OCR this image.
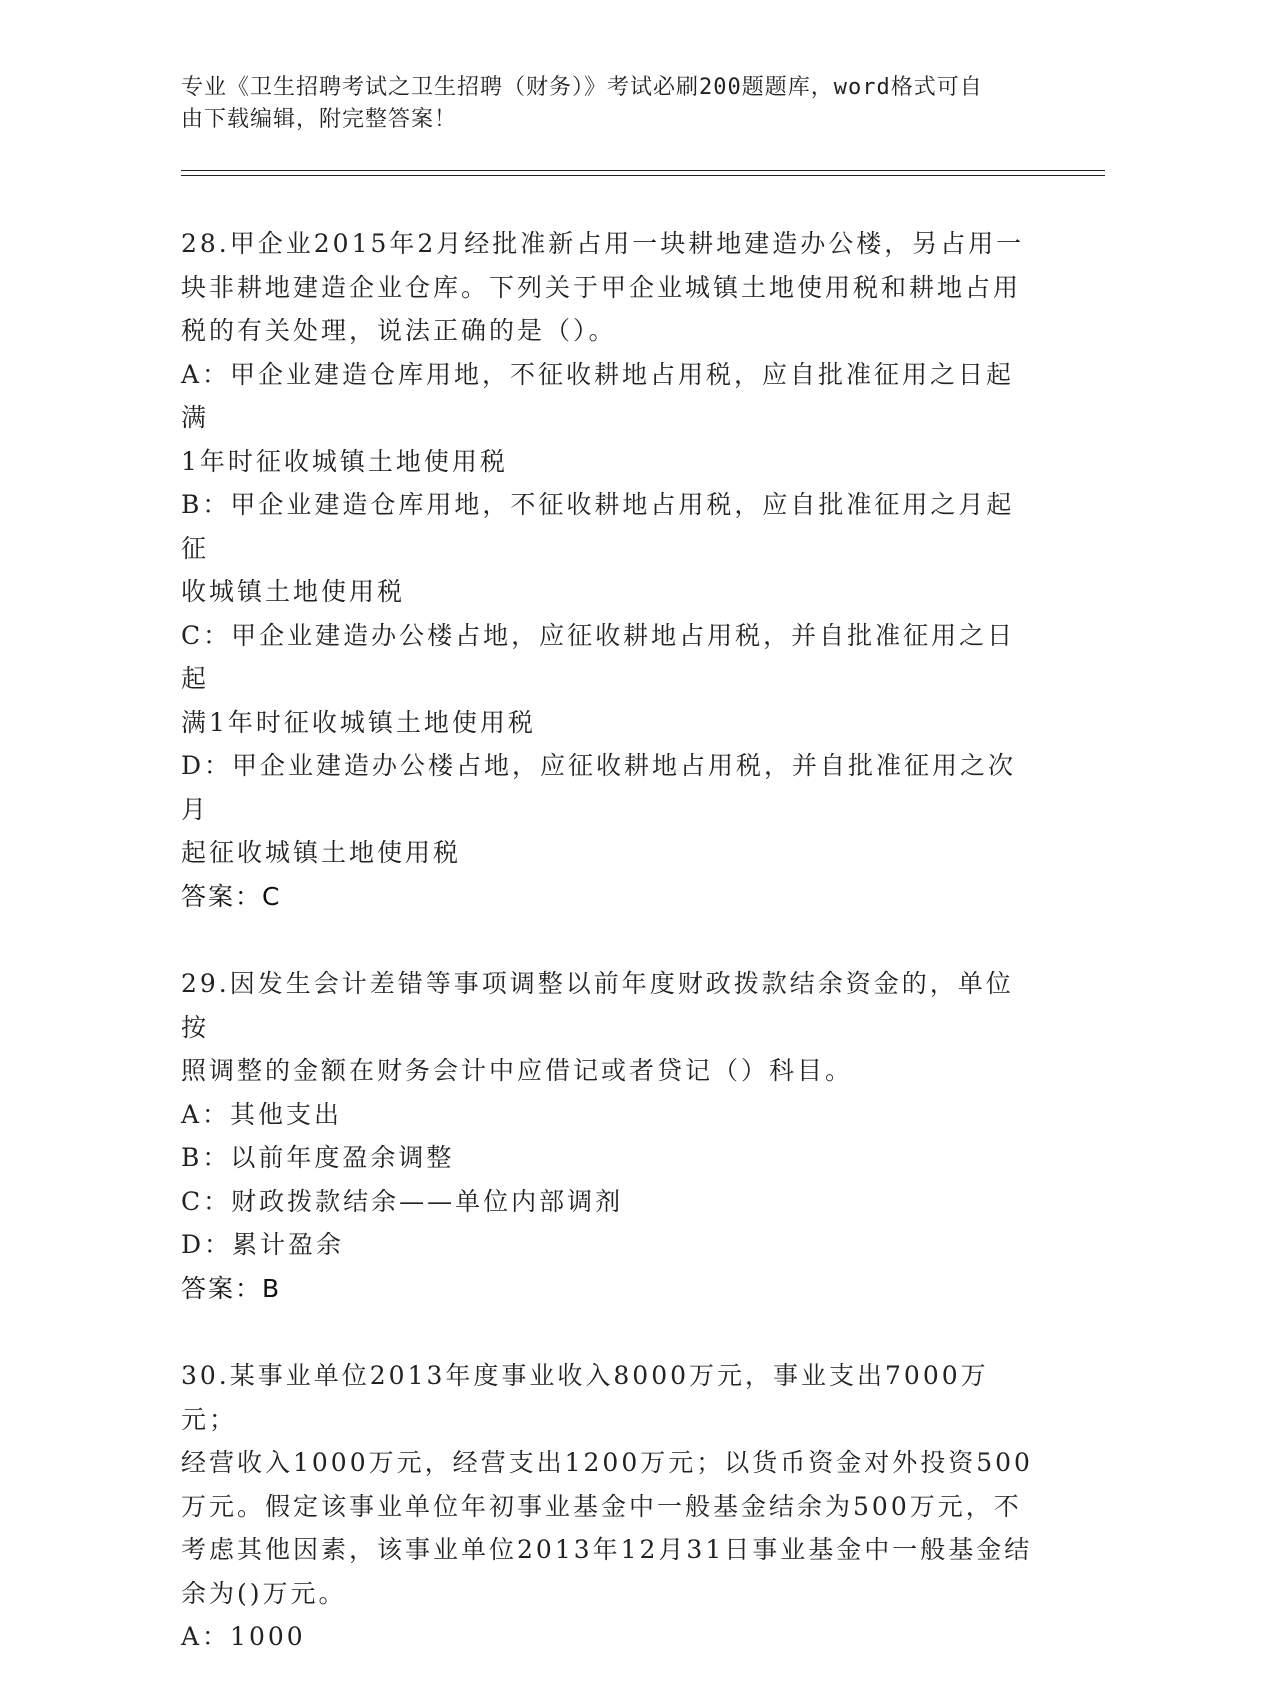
专业《卫生招聘考试之卫生招聘（财务）》考试必刷200题题库，word格式可自
由下载编辑，附完整答案！
28.甲企业2015年2月经批准新占用一块耕地建造办公楼，另占用一
块非耕地建造企业仓库。下列关于甲企业城镇土地使用税和耕地占用
税的有关处理，说法正确的是（）。
A：甲企业建造仓库用地，不征收耕地占用税，应自批准征用之日起满
1年时征收城镇土地使用税
B：甲企业建造仓库用地，不征收耕地占用税，应自批准征用之月起征
收城镇土地使用税
C：甲企业建造办公楼占地，应征收耕地占用税，并自批准征用之日起
满1年时征收城镇土地使用税
D：甲企业建造办公楼占地，应征收耕地占用税，并自批准征用之次月
起征收城镇土地使用税
答案：C
29.因发生会计差错等事项调整以前年度财政拨款结余资金的，单位按
照调整的金额在财务会计中应借记或者贷记（）科目。
A：其他支出
B：以前年度盈余调整
C：财政拨款结余——单位内部调剂
D：累计盈余
答案：B
30.某事业单位2013年度事业收入8000万元，事业支出7000万元；
经营收入1000万元，经营支出1200万元；以货币资金对外投资500
万元。假定该事业单位年初事业基金中一般基金结余为500万元，不
考虑其他因素，该事业单位2013年12月31日事业基金中一般基金结
余为()万元。
A：1000
